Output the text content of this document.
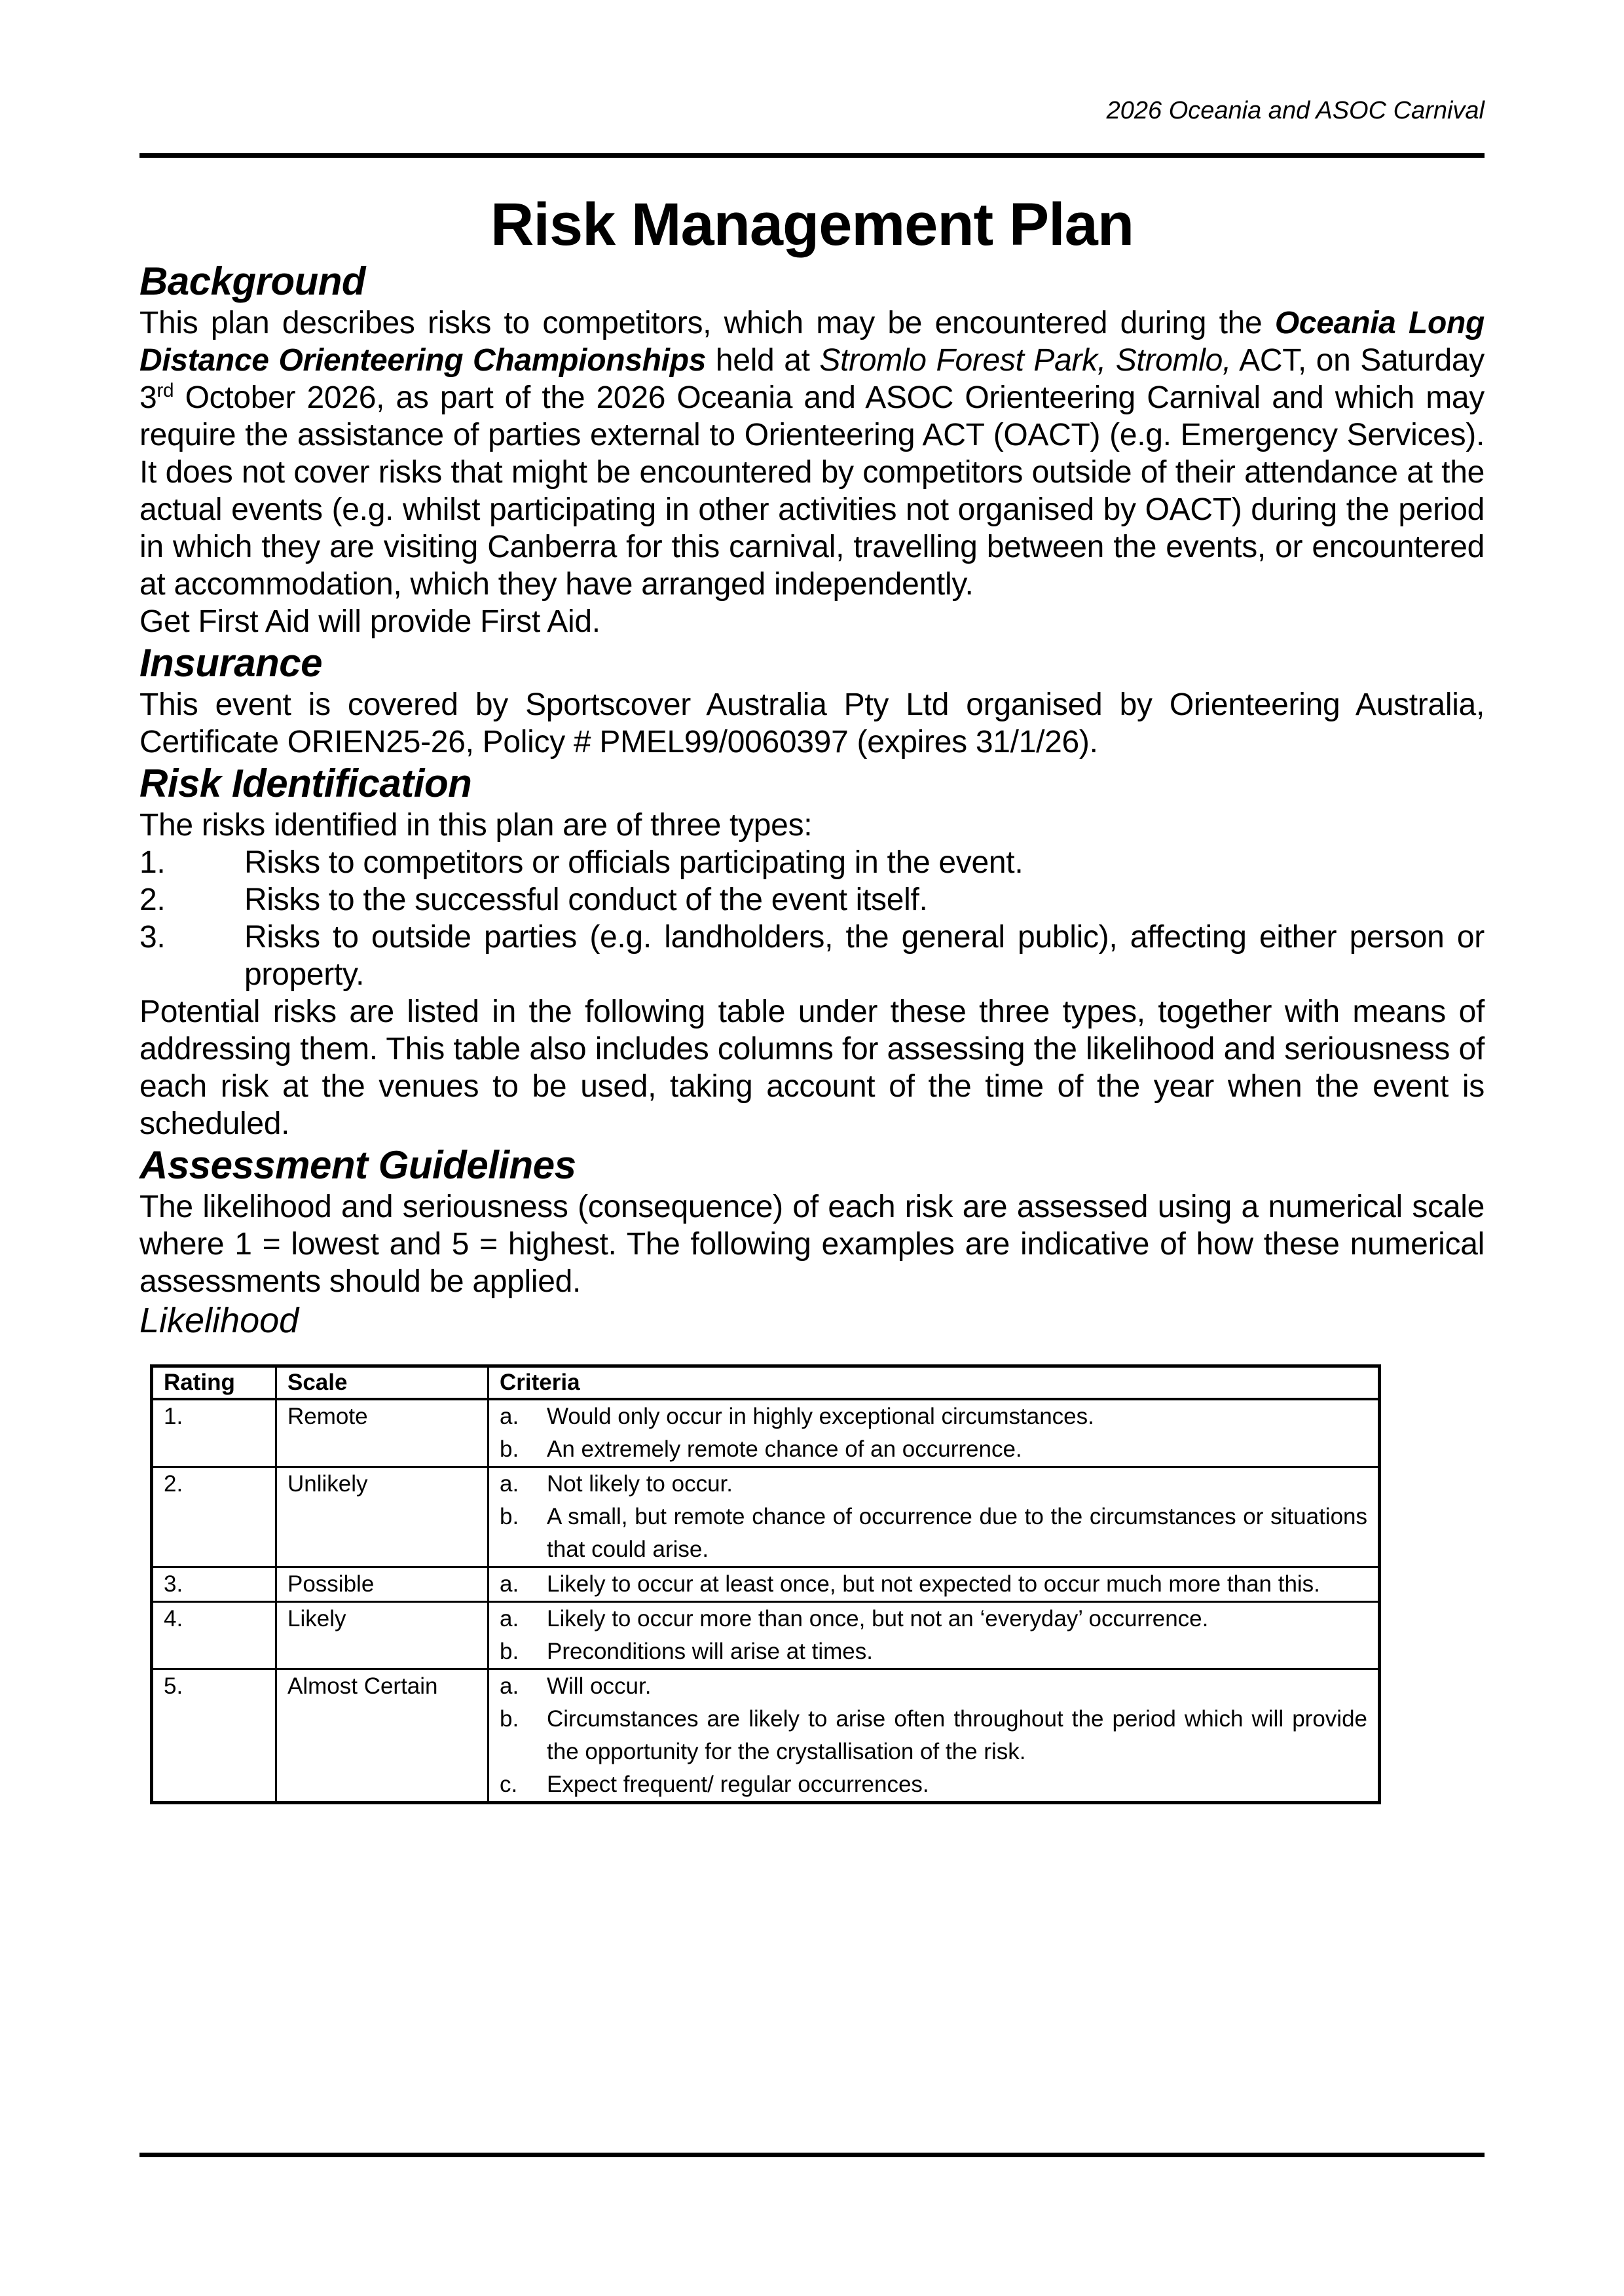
2026 Oceania and ASOC Carnival
Risk Management Plan
Background

This plan describes risks to competitors, which may be encountered during the Oceania Long Distance Orienteering Championships held at Stromlo Forest Park, Stromlo, ACT, on Saturday 3rd October 2026, as part of the 2026 Oceania and ASOC Orienteering Carnival and which may require the assistance of parties external to Orienteering ACT (OACT) (e.g. Emergency Services). It does not cover risks that might be encountered by competitors outside of their attendance at the actual events (e.g. whilst participating in other activities not organised by OACT) during the period in which they are visiting Canberra for this carnival, travelling between the events, or encountered at accommodation, which they have arranged independently.

Get First Aid will provide First Aid.

Insurance

This event is covered by Sportscover Australia Pty Ltd organised by Orienteering Australia, Certificate ORIEN25-26, Policy # PMEL99/0060397 (expires 31/1/26).

Risk Identification

The risks identified in this plan are of three types:

1.	Risks to competitors or officials participating in the event.
2.	Risks to the successful conduct of the event itself.
3.	Risks to outside parties (e.g. landholders, the general public), affecting either person or property.

Potential risks are listed in the following table under these three types, together with means of addressing them. This table also includes columns for assessing the likelihood and seriousness of each risk at the venues to be used, taking account of the time of the year when the event is scheduled.

Assessment Guidelines

The likelihood and seriousness (consequence) of each risk are assessed using a numerical scale where 1 = lowest and 5 = highest. The following examples are indicative of how these numerical assessments should be applied.

Likelihood
Rating	Scale	Criteria
1.	Remote	a. Would only occur in highly exceptional circumstances.
b. An extremely remote chance of an occurrence.

2.	Unlikely	a. Not likely to occur.
b. A small, but remote chance of occurrence due to the circumstances or situations that could arise.

3.	Possible	a. Likely to occur at least once, but not expected to occur much more than this.

4.	Likely	a. Likely to occur more than once, but not an ‘everyday’ occurrence.
b. Preconditions will arise at times.

5.	Almost Certain	a.	Will occur.
b.	Circumstances are likely to arise often throughout the period which will provide the opportunity for the crystallisation of the risk.
c.	Expect frequent/ regular occurrences.
